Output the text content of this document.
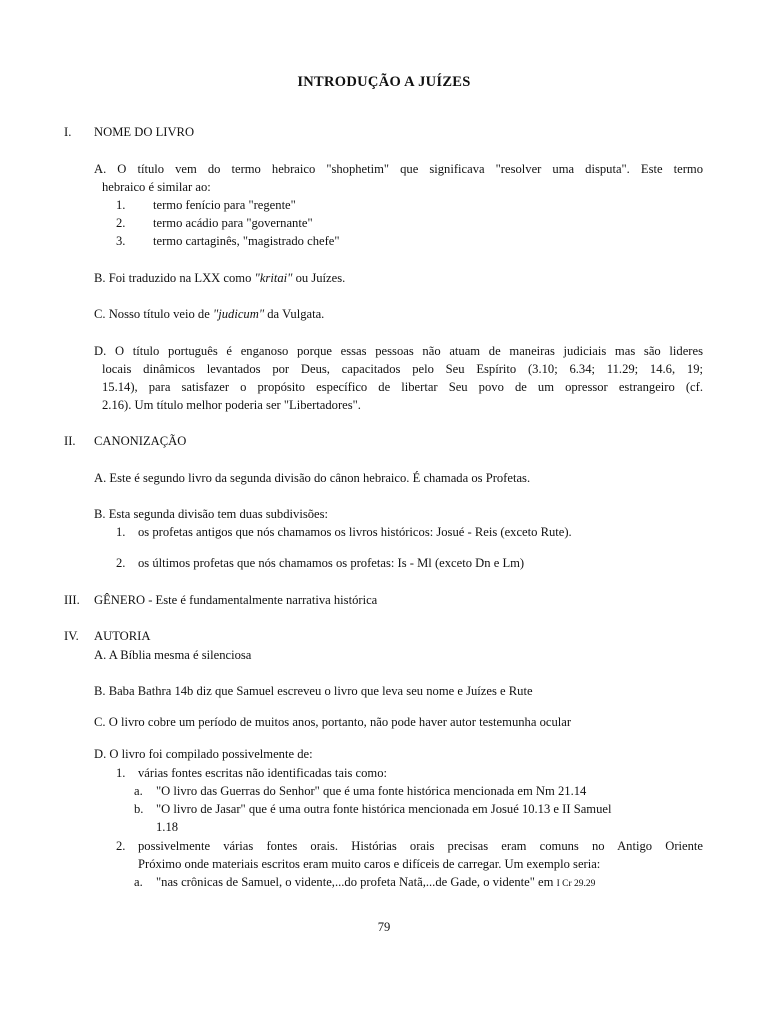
INTRODUÇÃO A JUÍZES
I. NOME DO LIVRO
A. O título vem do termo hebraico "shophetim" que significava "resolver uma disputa". Este termo
hebraico é similar ao:
1. termo fenício para "regente"
2. termo acádio para "governante"
3. termo cartaginês, "magistrado chefe"
B. Foi traduzido na LXX como "kritai" ou Juízes.
C. Nosso título veio de "judicum" da Vulgata.
D. O título português é enganoso porque essas pessoas não atuam de maneiras judiciais mas são lideres
locais dinâmicos levantados por Deus, capacitados pelo Seu Espírito (3.10; 6.34; 11.29; 14.6, 19;
15.14), para satisfazer o propósito específico de libertar Seu povo de um opressor estrangeiro (cf.
2.16). Um título melhor poderia ser "Libertadores".
II. CANONIZAÇÃO
A. Este é segundo livro da segunda divisão do cânon hebraico. É chamada os Profetas.
B. Esta segunda divisão tem duas subdivisões:
1. os profetas antigos que nós chamamos os livros históricos: Josué - Reis (exceto Rute).
2. os últimos profetas que nós chamamos os profetas: Is - Ml (exceto Dn e Lm)
III. GÊNERO - Este é fundamentalmente narrativa histórica
IV. AUTORIA
A. A Bíblia mesma é silenciosa
B. Baba Bathra 14b diz que Samuel escreveu o livro que leva seu nome e Juízes e Rute
C. O livro cobre um período de muitos anos, portanto, não pode haver autor testemunha ocular
D. O livro foi compilado possivelmente de:
1. várias fontes escritas não identificadas tais como:
a. "O livro das Guerras do Senhor" que é uma fonte histórica mencionada em Nm 21.14
b. "O livro de Jasar" que é uma outra fonte histórica mencionada em Josué 10.13 e II Samuel
1.18
2. possivelmente várias fontes orais. Histórias orais precisas eram comuns no Antigo Oriente
Próximo onde materiais escritos eram muito caros e difíceis de carregar. Um exemplo seria:
a. "nas crônicas de Samuel, o vidente,...do profeta Natã,...de Gade, o vidente" em I Cr 29.29
79
